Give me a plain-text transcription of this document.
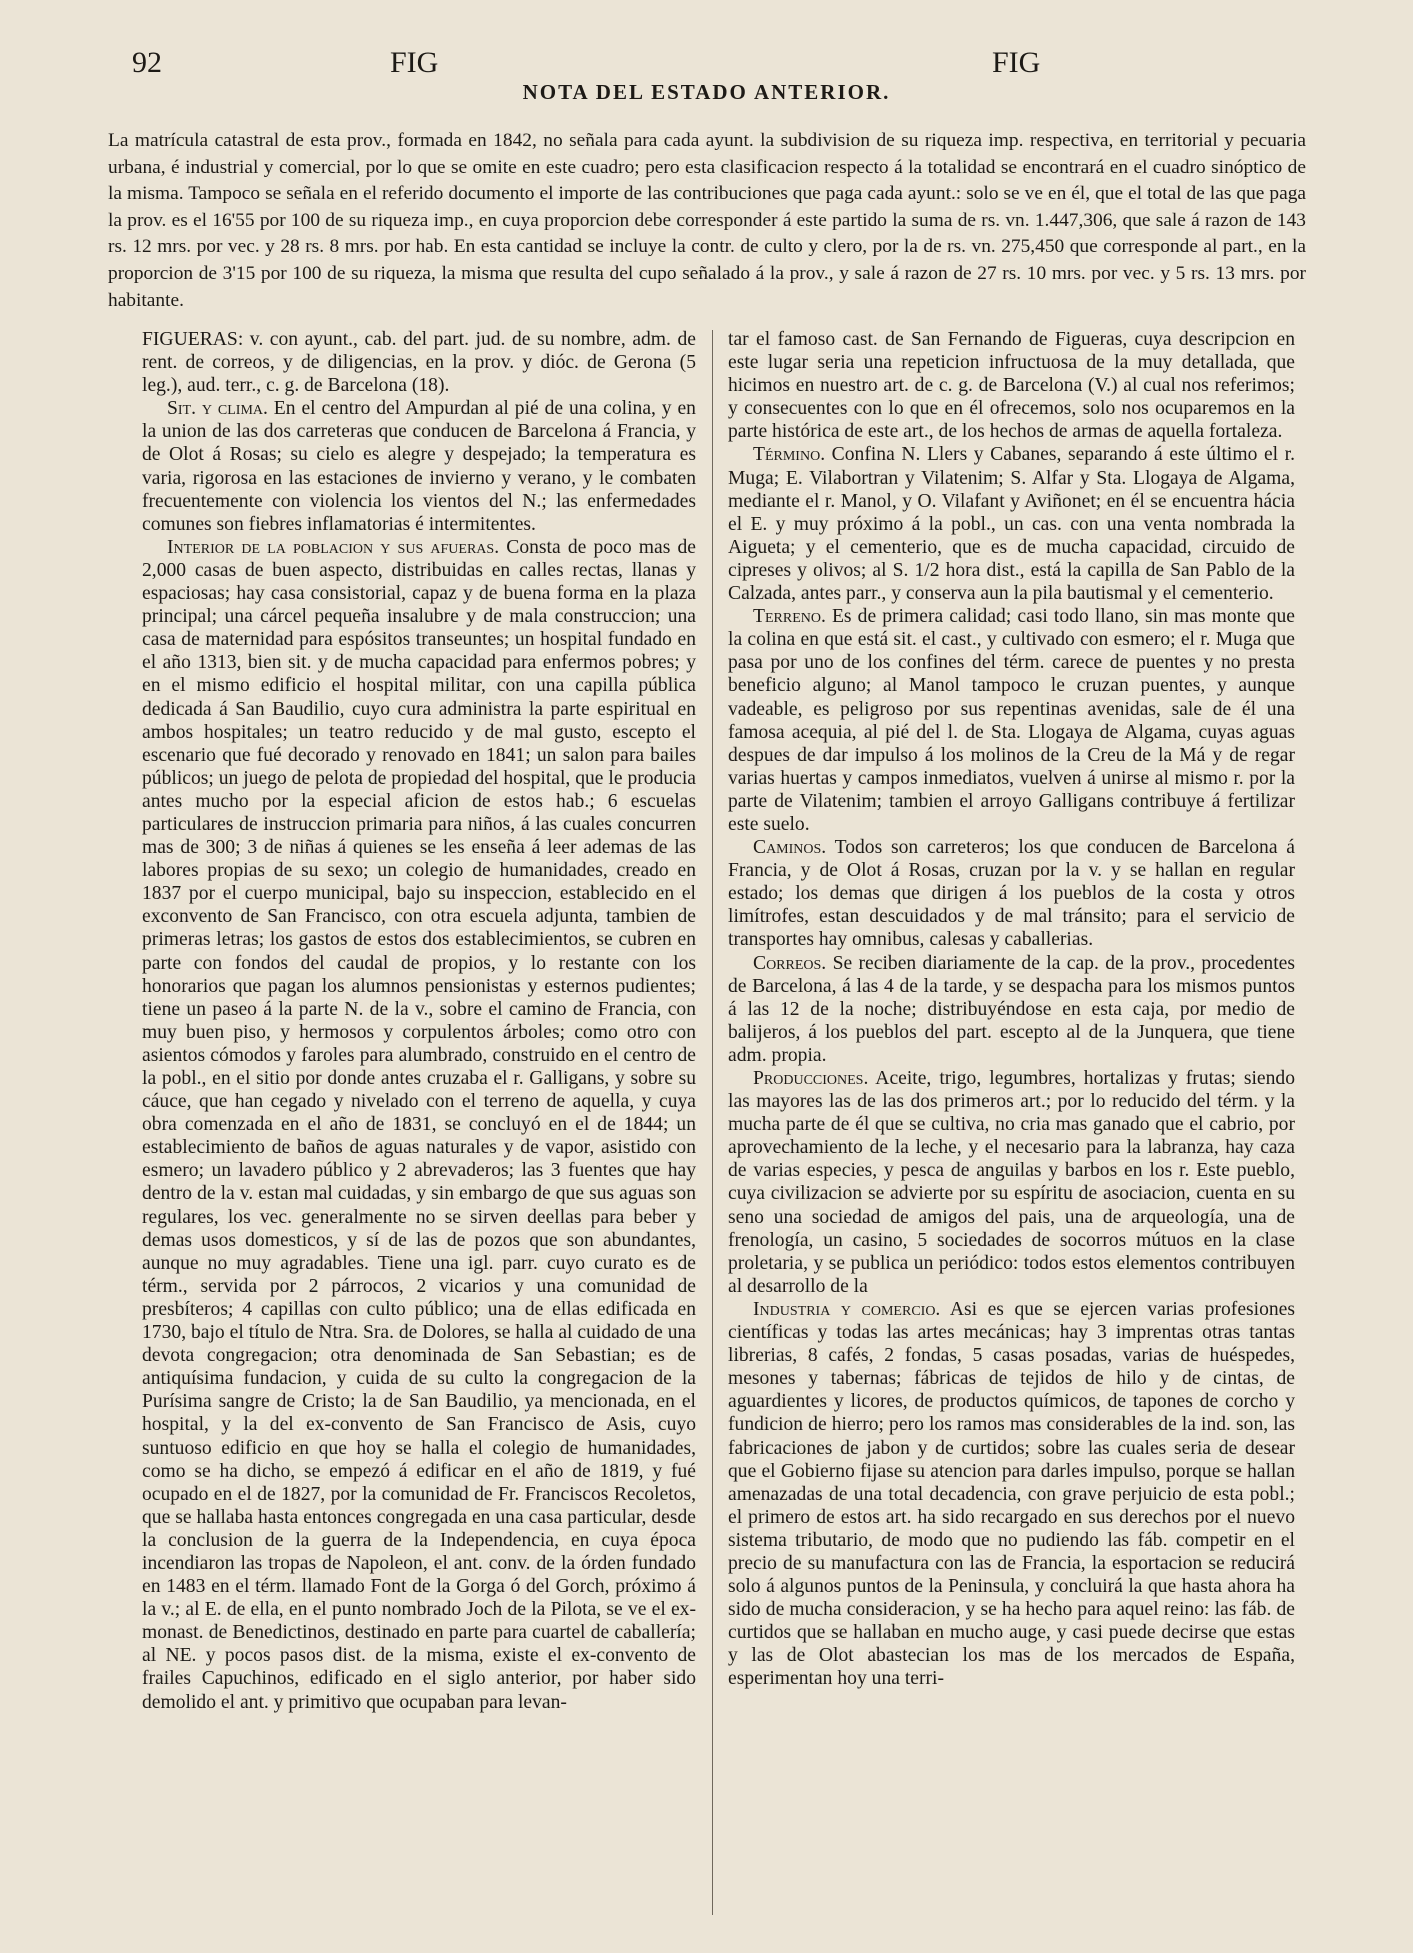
92	FIG	FIG
NOTA DEL ESTADO ANTERIOR.

La matrícula catastral de esta prov., formada en 1842, no señala para cada ayunt. la subdivision de su riqueza imp. respectiva, en territorial y pecuaria urbana, é industrial y comercial, por lo que se omite en este cuadro; pero esta clasificacion respecto á la totalidad se encontrará en el cuadro sinóptico de la misma. Tampoco se señala en el referido documento el importe de las contribuciones que paga cada ayunt.: solo se ve en él, que el total de las que paga la prov. es el 16'55 por 100 de su riqueza imp., en cuya proporcion debe corresponder á este partido la suma de rs. vn. 1.447,306, que sale á razon de 143 rs. 12 mrs. por vec. y 28 rs. 8 mrs. por hab. En esta cantidad se incluye la contr. de culto y clero, por la de rs. vn. 275,450 que corresponde al part., en la proporcion de 3'15 por 100 de su riqueza, la misma que resulta del cupo señalado á la prov., y sale á razon de 27 rs. 10 mrs. por vec. y 5 rs. 13 mrs. por habitante.

FIGUERAS: v. con ayunt., cab. del part. jud. de su nombre, adm. de rent. de correos, y de diligencias, en la prov. y dióc. de Gerona (5 leg.), aud. terr., c. g. de Barcelona (18).

Sit. y clima. En el centro del Ampurdan al pié de una colina, y en la union de las dos carreteras que conducen de Barcelona á Francia, y de Olot á Rosas; su cielo es alegre y despejado; la temperatura es varia, rigorosa en las estaciones de invierno y verano, y le combaten frecuentemente con violencia los vientos del N.; las enfermedades comunes son fiebres inflamatorias é intermitentes.

Interior de la poblacion y sus afueras. Consta de poco mas de 2,000 casas de buen aspecto, distribuidas en calles rectas, llanas y espaciosas; hay casa consistorial, capaz y de buena forma en la plaza principal; una cárcel pequeña insalubre y de mala construccion; una casa de maternidad para espósitos transeuntes; un hospital fundado en el año 1313, bien sit. y de mucha capacidad para enfermos pobres; y en el mismo edificio el hospital militar, con una capilla pública dedicada á San Baudilio, cuyo cura administra la parte espiritual en ambos hospitales; un teatro reducido y de mal gusto, escepto el escenario que fué decorado y renovado en 1841; un salon para bailes públicos; un juego de pelota de propiedad del hospital, que le producia antes mucho por la especial aficion de estos hab.; 6 escuelas particulares de instruccion primaria para niños, á las cuales concurren mas de 300; 3 de niñas á quienes se les enseña á leer ademas de las labores propias de su sexo; un colegio de humanidades, creado en 1837 por el cuerpo municipal, bajo su inspeccion, establecido en el exconvento de San Francisco, con otra escuela adjunta, tambien de primeras letras; los gastos de estos dos establecimientos, se cubren en parte con fondos del caudal de propios, y lo restante con los honorarios que pagan los alumnos pensionistas y esternos pudientes; tiene un paseo á la parte N. de la v., sobre el camino de Francia, con muy buen piso, y hermosos y corpulentos árboles; como otro con asientos cómodos y faroles para alumbrado, construido en el centro de la pobl., en el sitio por donde antes cruzaba el r. Galligans, y sobre su cáuce, que han cegado y nivelado con el terreno de aquella, y cuya obra comenzada en el año de 1831, se concluyó en el de 1844; un establecimiento de baños de aguas naturales y de vapor, asistido con esmero; un lavadero público y 2 abrevaderos; las 3 fuentes que hay dentro de la v. estan mal cuidadas, y sin embargo de que sus aguas son regulares, los vec. generalmente no se sirven deellas para beber y demas usos domesticos, y sí de las de pozos que son abundantes, aunque no muy agradables. Tiene una igl. parr. cuyo curato es de térm., servida por 2 párrocos, 2 vicarios y una comunidad de presbíteros; 4 capillas con culto público; una de ellas edificada en 1730, bajo el título de Ntra. Sra. de Dolores, se halla al cuidado de una devota congregacion; otra denominada de San Sebastian; es de antiquísima fundacion, y cuida de su culto la congregacion de la Purísima sangre de Cristo; la de San Baudilio, ya mencionada, en el hospital, y la del ex-convento de San Francisco de Asis, cuyo suntuoso edificio en que hoy se halla el colegio de humanidades, como se ha dicho, se empezó á edificar en el año de 1819, y fué ocupado en el de 1827, por la comunidad de Fr. Franciscos Recoletos, que se hallaba hasta entonces congregada en una casa particular, desde la conclusion de la guerra de la Independencia, en cuya época incendiaron las tropas de Napoleon, el ant. conv. de la órden fundado en 1483 en el térm. llamado Font de la Gorga ó del Gorch, próximo á la v.; al E. de ella, en el punto nombrado Joch de la Pilota, se ve el ex-monast. de Benedictinos, destinado en parte para cuartel de caballería; al NE. y pocos pasos dist. de la misma, existe el ex-convento de frailes Capuchinos, edificado en el siglo anterior, por haber sido demolido el ant. y primitivo que ocupaban para levan-

tar el famoso cast. de San Fernando de Figueras, cuya descripcion en este lugar seria una repeticion infructuosa de la muy detallada, que hicimos en nuestro art. de c. g. de Barcelona (V.) al cual nos referimos; y consecuentes con lo que en él ofrecemos, solo nos ocuparemos en la parte histórica de este art., de los hechos de armas de aquella fortaleza.

Término. Confina N. Llers y Cabanes, separando á este último el r. Muga; E. Vilabortran y Vilatenim; S. Alfar y Sta. Llogaya de Algama, mediante el r. Manol, y O. Vilafant y Aviñonet; en él se encuentra hácia el E. y muy próximo á la pobl., un cas. con una venta nombrada la Aigueta; y el cementerio, que es de mucha capacidad, circuido de cipreses y olivos; al S. 1/2 hora dist., está la capilla de San Pablo de la Calzada, antes parr., y conserva aun la pila bautismal y el cementerio.

Terreno. Es de primera calidad; casi todo llano, sin mas monte que la colina en que está sit. el cast., y cultivado con esmero; el r. Muga que pasa por uno de los confines del térm. carece de puentes y no presta beneficio alguno; al Manol tampoco le cruzan puentes, y aunque vadeable, es peligroso por sus repentinas avenidas, sale de él una famosa acequia, al pié del l. de Sta. Llogaya de Algama, cuyas aguas despues de dar impulso á los molinos de la Creu de la Má y de regar varias huertas y campos inmediatos, vuelven á unirse al mismo r. por la parte de Vilatenim; tambien el arroyo Galligans contribuye á fertilizar este suelo.

Caminos. Todos son carreteros; los que conducen de Barcelona á Francia, y de Olot á Rosas, cruzan por la v. y se hallan en regular estado; los demas que dirigen á los pueblos de la costa y otros limítrofes, estan descuidados y de mal tránsito; para el servicio de transportes hay omnibus, calesas y caballerias.

Correos. Se reciben diariamente de la cap. de la prov., procedentes de Barcelona, á las 4 de la tarde, y se despacha para los mismos puntos á las 12 de la noche; distribuyéndose en esta caja, por medio de balijeros, á los pueblos del part. escepto al de la Junquera, que tiene adm. propia.

Producciones. Aceite, trigo, legumbres, hortalizas y frutas; siendo las mayores las de las dos primeros art.; por lo reducido del térm. y la mucha parte de él que se cultiva, no cria mas ganado que el cabrio, por aprovechamiento de la leche, y el necesario para la labranza, hay caza de varias especies, y pesca de anguilas y barbos en los r. Este pueblo, cuya civilizacion se advierte por su espíritu de asociacion, cuenta en su seno una sociedad de amigos del pais, una de arqueología, una de frenología, un casino, 5 sociedades de socorros mútuos en la clase proletaria, y se publica un periódico: todos estos elementos contribuyen al desarrollo de la

Industria y comercio. Asi es que se ejercen varias profesiones científicas y todas las artes mecánicas; hay 3 imprentas otras tantas librerias, 8 cafés, 2 fondas, 5 casas posadas, varias de huéspedes, mesones y tabernas; fábricas de tejidos de hilo y de cintas, de aguardientes y licores, de productos químicos, de tapones de corcho y fundicion de hierro; pero los ramos mas considerables de la ind. son, las fabricaciones de jabon y de curtidos; sobre las cuales seria de desear que el Gobierno fijase su atencion para darles impulso, porque se hallan amenazadas de una total decadencia, con grave perjuicio de esta pobl.; el primero de estos art. ha sido recargado en sus derechos por el nuevo sistema tributario, de modo que no pudiendo las fáb. competir en el precio de su manufactura con las de Francia, la esportacion se reducirá solo á algunos puntos de la Peninsula, y concluirá la que hasta ahora ha sido de mucha consideracion, y se ha hecho para aquel reino: las fáb. de curtidos que se hallaban en mucho auge, y casi puede decirse que estas y las de Olot abastecian los mas de los mercados de España, esperimentan hoy una terri-
